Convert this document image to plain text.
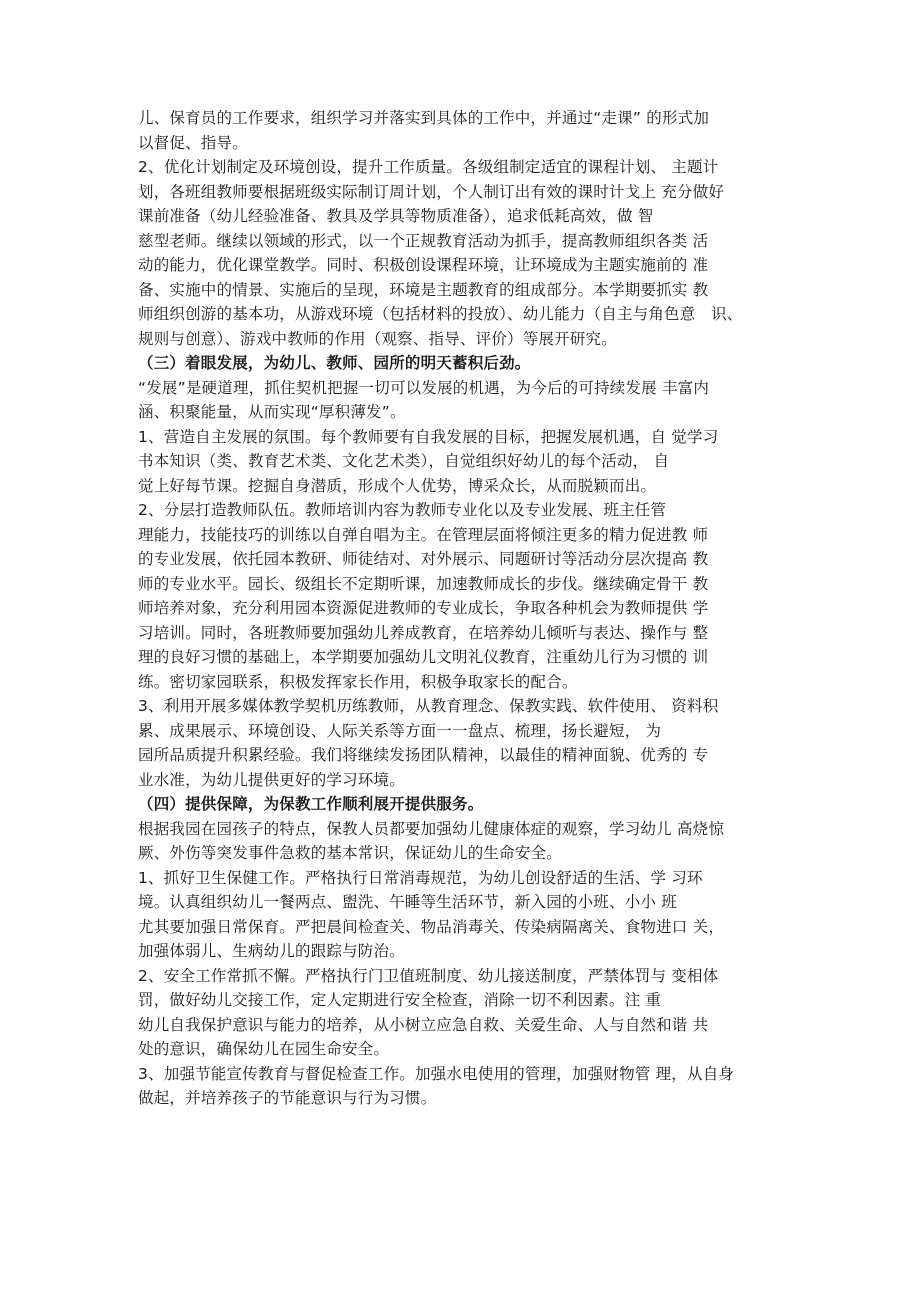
儿、保育员的工作要求，组织学习并落实到具体的工作中，并通过“走课” 的形式加
以督促、指导。
2、优化计划制定及环境创设，提升工作质量。各级组制定适宜的课程计划、 主题计
划，各班组教师要根据班级实际制订周计划，个人制订出有效的课时计戈上 充分做好
课前准备（幼儿经验准备、教具及学具等物质准备），追求低耗高效，做 智
慈型老师。继续以领域的形式，以一个正规教育活动为抓手，提高教师组织各类 活
动的能力，优化课堂教学。同时、积极创设课程环境，让环境成为主题实施前的 准
备、实施中的情景、实施后的呈现，环境是主题教育的组成部分。本学期要抓实 教
师组织创游的基本功，从游戏环境（包括材料的投放）、幼儿能力（自主与角色意　识、
规则与创意）、游戏中教师的作用（观察、指导、评价）等展开研究。
（三）着眼发展，为幼儿、教师、园所的明天蓄积后劲。
“发展”是硬道理，抓住契机把握一切可以发展的机遇，为今后的可持续发展 丰富内
涵、积聚能量，从而实现“厚积薄发”。
1、营造自主发展的氛围。每个教师要有自我发展的目标，把握发展机遇，自 觉学习
书本知识（类、教育艺术类、文化艺术类），自觉组织好幼儿的每个活动， 自
觉上好每节课。挖掘自身潜质，形成个人优势，博采众长，从而脱颖而出。
2、分层打造教师队伍。教师培训内容为教师专业化以及专业发展、班主任管
理能力，技能技巧的训练以自弹自唱为主。在管理层面将倾注更多的精力促进教 师
的专业发展，依托园本教研、师徒结对、对外展示、同题研讨等活动分层次提高 教
师的专业水平。园长、级组长不定期听课，加速教师成长的步伐。继续确定骨干 教
师培养对象，充分利用园本资源促进教师的专业成长，争取各种机会为教师提供 学
习培训。同时，各班教师要加强幼儿养成教育，在培养幼儿倾听与表达、操作与 整
理的良好习惯的基础上，本学期要加强幼儿文明礼仪教育，注重幼儿行为习惯的 训
练。密切家园联系，积极发挥家长作用，积极争取家长的配合。
3、利用开展多媒体教学契机历练教师，从教育理念、保教实践、软件使用、 资料积
累、成果展示、环境创设、人际关系等方面一一盘点、梳理，扬长避短， 为
园所品质提升积累经验。我们将继续发扬团队精神，以最佳的精神面貌、优秀的 专
业水准，为幼儿提供更好的学习环境。
（四）提供保障，为保教工作顺利展开提供服务。
根据我园在园孩子的特点，保教人员都要加强幼儿健康体症的观察，学习幼儿 高烧惊
厥、外伤等突发事件急救的基本常识，保证幼儿的生命安全。
1、抓好卫生保健工作。严格执行日常消毒规范，为幼儿创设舒适的生活、学 习环
境。认真组织幼儿一餐两点、盥洗、午睡等生活环节，新入园的小班、小小 班
尤其要加强日常保育。严把晨间检查关、物品消毒关、传染病隔离关、食物进口 关，
加强体弱儿、生病幼儿的跟踪与防治。
2、安全工作常抓不懈。严格执行门卫值班制度、幼儿接送制度，严禁体罚与 变相体
罚，做好幼儿交接工作，定人定期进行安全检查，消除一切不利因素。注 重
幼儿自我保护意识与能力的培养，从小树立应急自救、关爱生命、人与自然和谐 共
处的意识，确保幼儿在园生命安全。
3、加强节能宣传教育与督促检查工作。加强水电使用的管理，加强财物管 理，从自身
做起，并培养孩子的节能意识与行为习惯。
